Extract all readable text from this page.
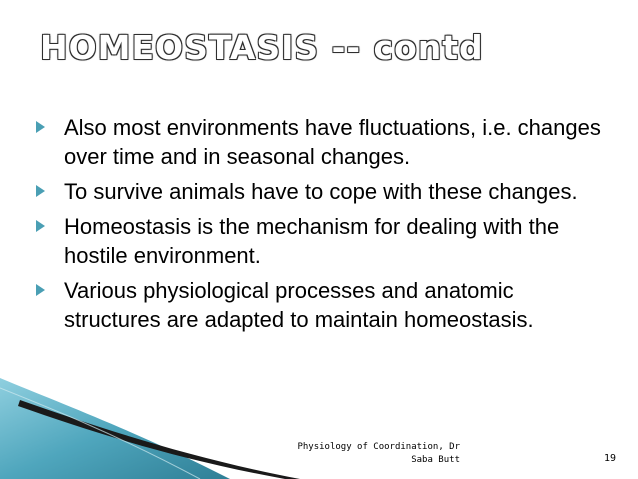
HOMEOSTASIS -- contd
Also most environments have fluctuations, i.e. changes over time and in seasonal changes.
To survive animals have to cope with these changes.
Homeostasis is the mechanism for dealing with the hostile environment.
Various physiological processes and anatomic structures are adapted to maintain homeostasis.
Physiology of Coordination, Dr
Saba Butt	19
